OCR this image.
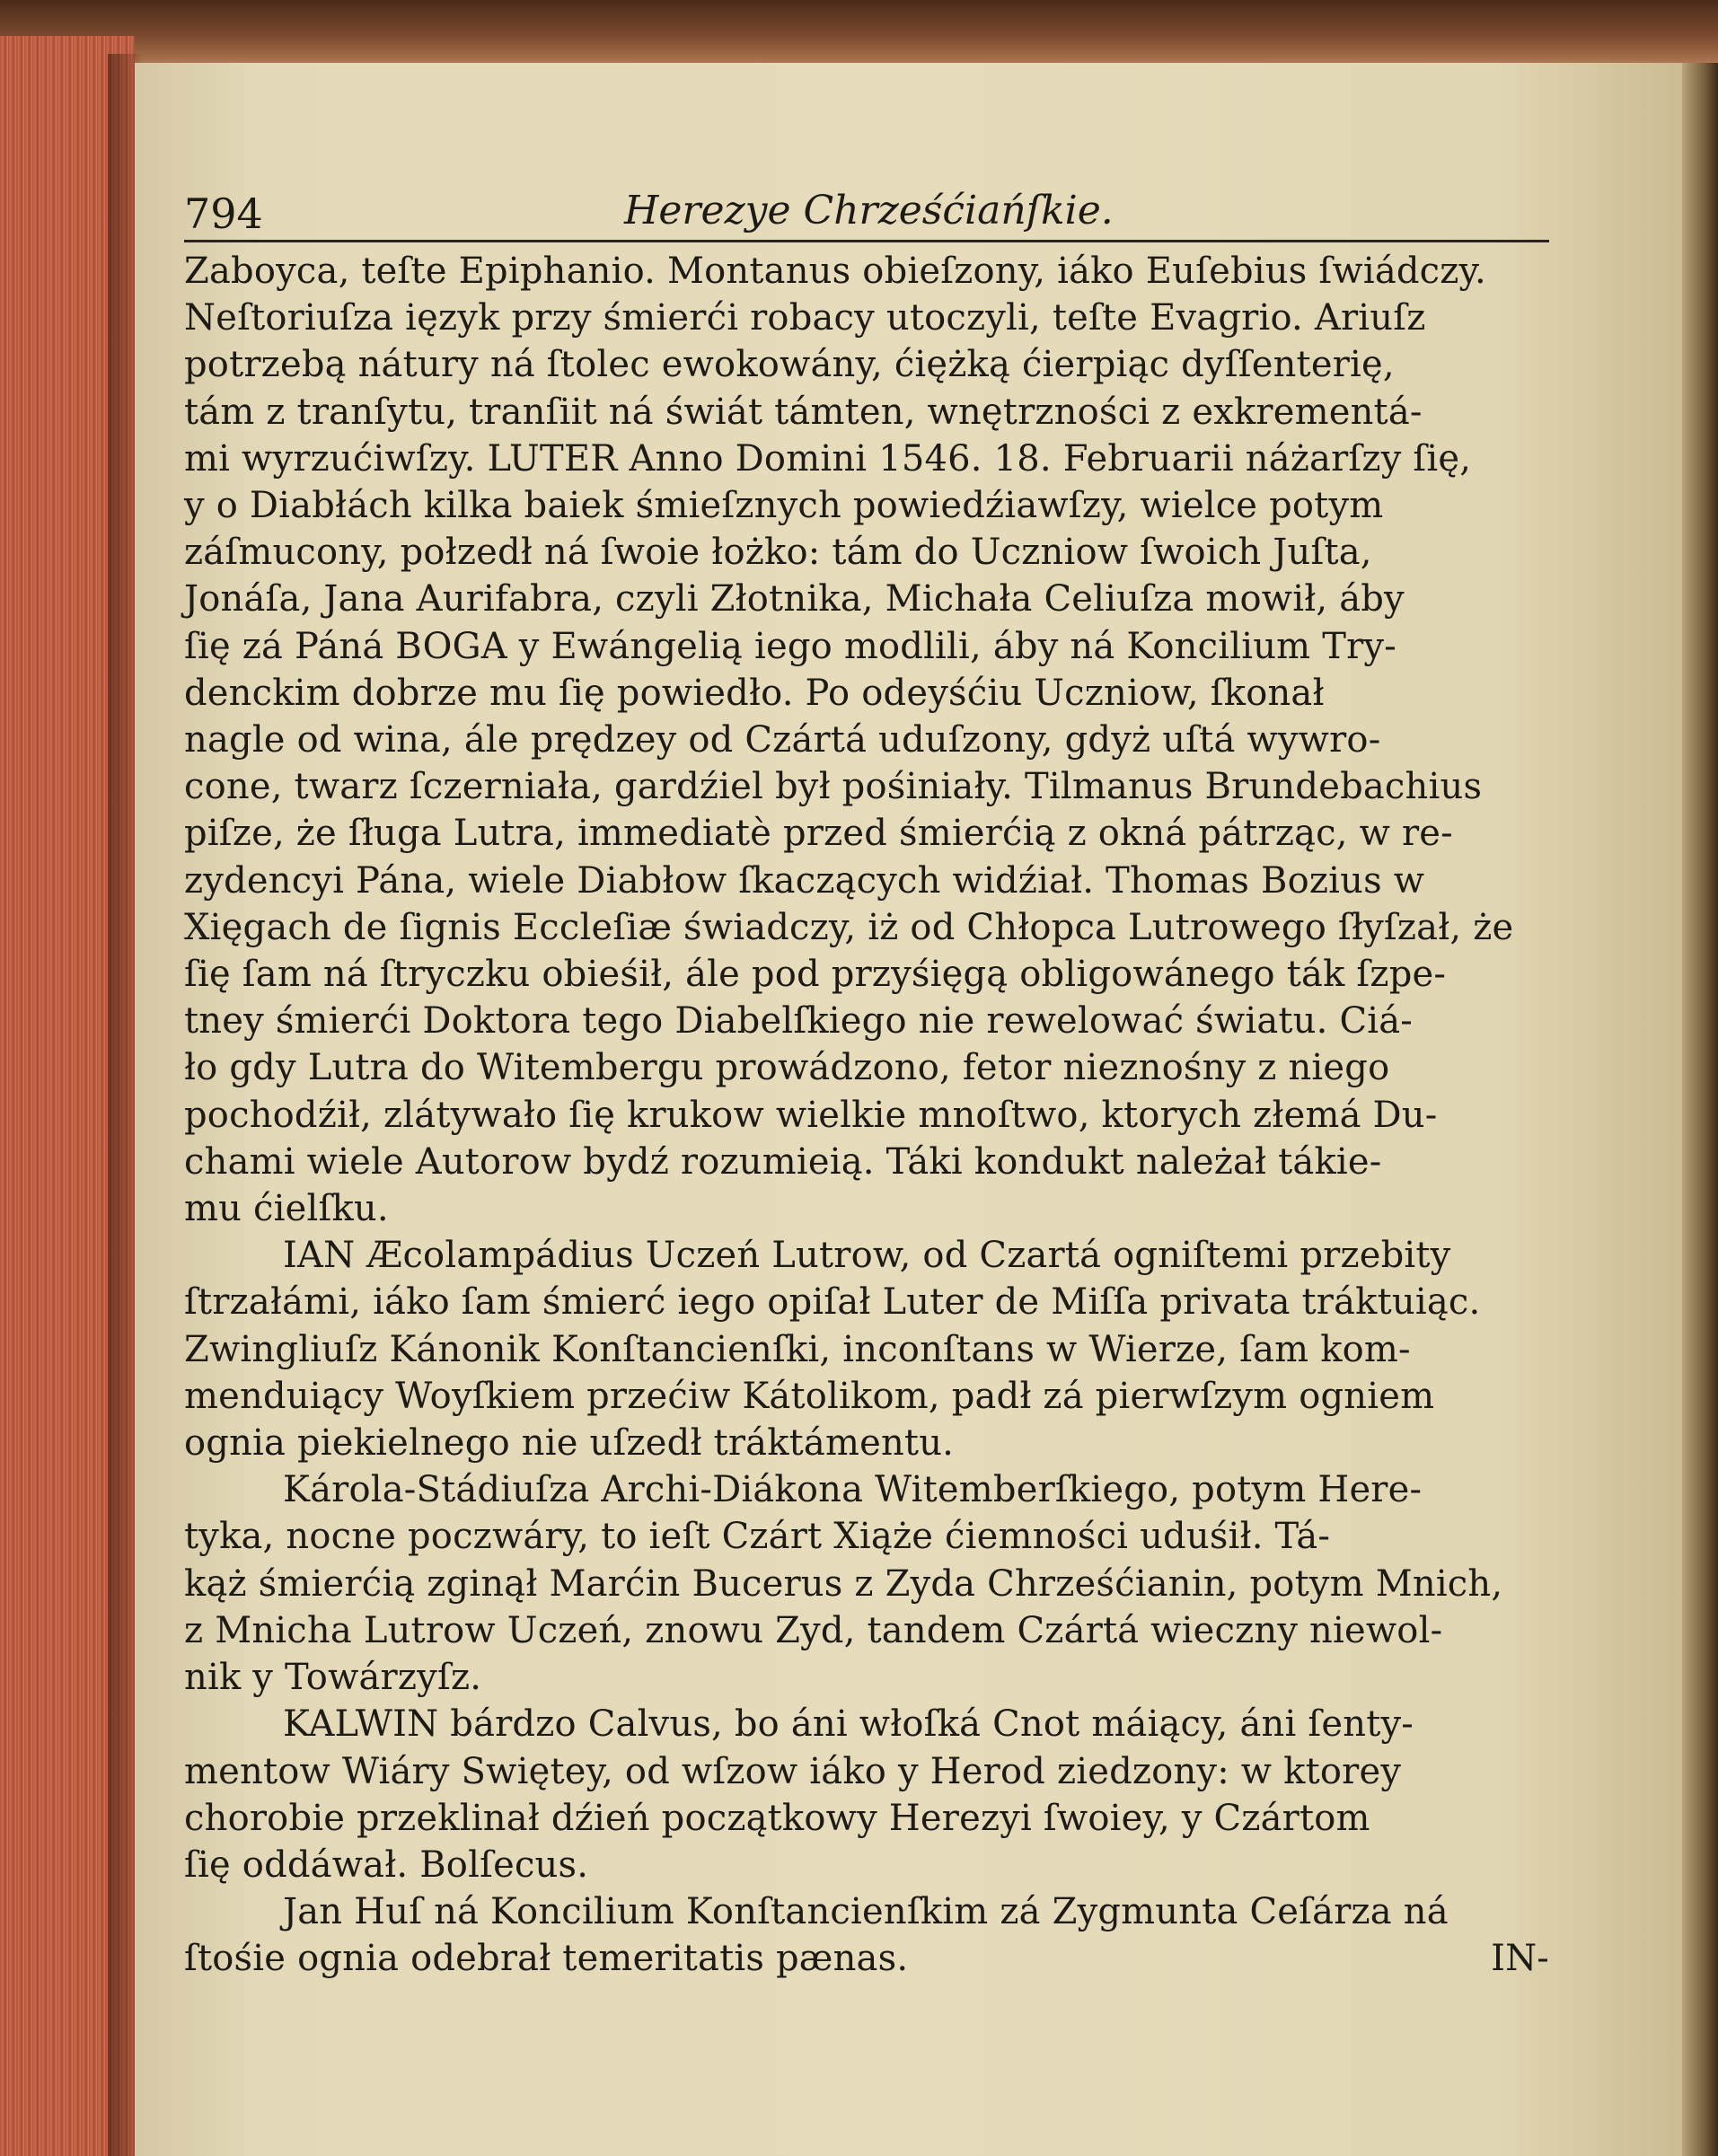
794	Herezye Chrześćiańſkie.
Zaboyca, teſte Epiphanio. Montanus obieſzony, iáko Euſebius ſwiádczy.
Neſtoriuſza ięzyk przy śmierći robacy utoczyli, teſte Evagrio. Ariuſz
potrzebą nátury ná ſtolec ewokowány, ćiężką ćierpiąc dyſſenterię,
tám z tranſytu, tranſiit ná świát támten, wnętrzności z exkrementá-
mi wyrzućiwſzy. LUTER Anno Domini 1546. 18. Februarii náżarſzy ſię,
y o Diabłách kilka baiek śmieſznych powiedźiawſzy, wielce potym
záſmucony, połzedł ná ſwoie łożko: tám do Uczniow ſwoich Juſta,
Jonáſa, Jana Aurifabra, czyli Złotnika, Michała Celiuſza mowił, áby
ſię zá Páná BOGA y Ewángelią iego modlili, áby ná Koncilium Try-
denckim dobrze mu ſię powiedło. Po odeyśćiu Uczniow, ſkonał
nagle od wina, ále prędzey od Czártá uduſzony, gdyż uſtá wywro-
cone, twarz ſczerniała, gardźiel był pośiniały. Tilmanus Brundebachius
piſze, że ſługa Lutra, immediatè przed śmierćią z okná pátrząc, w re-
zydencyi Pána, wiele Diabłow ſkaczących widźiał. Thomas Bozius w
Xięgach de ſignis Eccleſiæ świadczy, iż od Chłopca Lutrowego ſłyſzał, że
ſię ſam ná ſtryczku obieśił, ále pod przyśięgą obligowánego ták ſzpe-
tney śmierći Doktora tego Diabelſkiego nie rewelować światu. Ciá-
ło gdy Lutra do Witembergu prowádzono, fetor nieznośny z niego
pochodźił, zlátywało ſię krukow wielkie mnoſtwo, ktorych złemá Du-
chami wiele Autorow bydź rozumieią. Táki kondukt należał tákie-
mu ćielſku.
IAN Æcolampádius Uczeń Lutrow, od Czartá ogniſtemi przebity
ſtrzałámi, iáko ſam śmierć iego opiſał Luter de Miſſa privata tráktuiąc.
Zwingliuſz Kánonik Konſtancienſki, inconſtans w Wierze, ſam kom-
menduiący Woyſkiem przećiw Kátolikom, padł zá pierwſzym ogniem
ognia piekielnego nie uſzedł tráktámentu.
Károla-Stádiuſza Archi-Diákona Witemberſkiego, potym Here-
tyka, nocne poczwáry, to ieſt Czárt Xiąże ćiemności uduśił. Tá-
kąż śmierćią zginął Marćin Bucerus z Zyda Chrześćianin, potym Mnich,
z Mnicha Lutrow Uczeń, znowu Zyd, tandem Czártá wieczny niewol-
nik y Towárzyſz.
KALWIN bárdzo Calvus, bo áni włoſká Cnot máiący, áni ſenty-
mentow Wiáry Swiętey, od wſzow iáko y Herod ziedzony: w ktorey
chorobie przeklinał dźień początkowy Herezyi ſwoiey, y Czártom
ſię oddáwał. Bolſecus.
Jan Huſ ná Koncilium Konſtancienſkim zá Zygmunta Ceſárza ná
ſtośie ognia odebrał temeritatis pænas.	IN-
